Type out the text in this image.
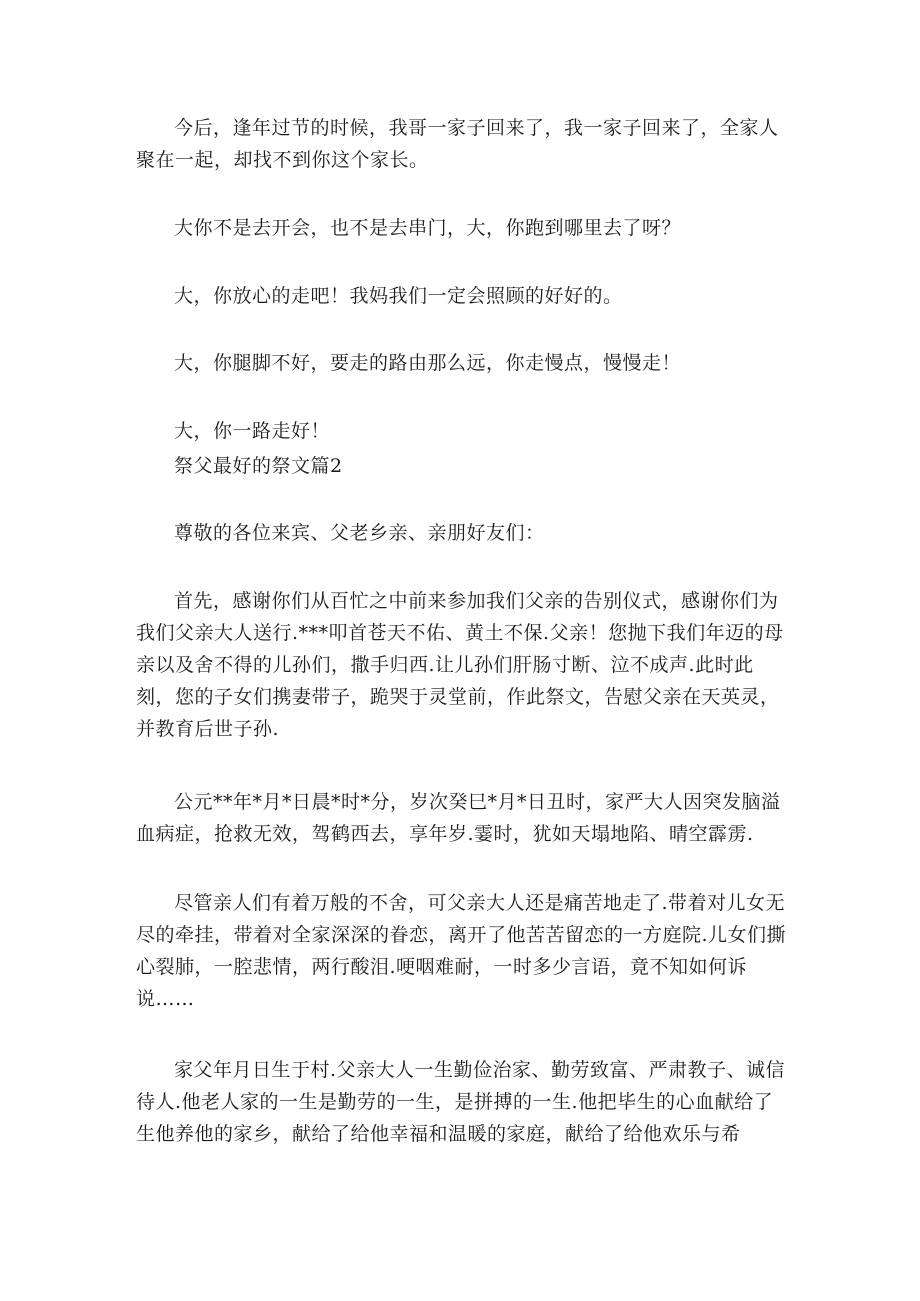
今后，逢年过节的时候，我哥一家子回来了，我一家子回来了，全家人聚在一起，却找不到你这个家长。

大你不是去开会，也不是去串门，大，你跑到哪里去了呀？

大，你放心的走吧！我妈我们一定会照顾的好好的。

大，你腿脚不好，要走的路由那么远，你走慢点，慢慢走！

大，你一路走好！

祭父最好的祭文篇2

尊敬的各位来宾、父老乡亲、亲朋好友们：

首先，感谢你们从百忙之中前来参加我们父亲的告别仪式，感谢你们为我们父亲大人送行.***叩首苍天不佑、黄土不保.父亲！您抛下我们年迈的母亲以及舍不得的儿孙们，撒手归西.让儿孙们肝肠寸断、泣不成声.此时此刻，您的子女们携妻带子，跪哭于灵堂前，作此祭文，告慰父亲在天英灵，并教育后世子孙.

公元**年*月*日晨*时*分，岁次癸巳*月*日丑时，家严大人因突发脑溢血病症，抢救无效，驾鹤西去，享年岁.霎时，犹如天塌地陷、晴空霹雳.

尽管亲人们有着万般的不舍，可父亲大人还是痛苦地走了.带着对儿女无尽的牵挂，带着对全家深深的眷恋，离开了他苦苦留恋的一方庭院.儿女们撕心裂肺，一腔悲情，两行酸泪.哽咽难耐，一时多少言语，竟不知如何诉说……

家父年月日生于村.父亲大人一生勤俭治家、勤劳致富、严肃教子、诚信待人.他老人家的一生是勤劳的一生，是拼搏的一生.他把毕生的心血献给了生他养他的家乡，献给了给他幸福和温暖的家庭，献给了给他欢乐与希
